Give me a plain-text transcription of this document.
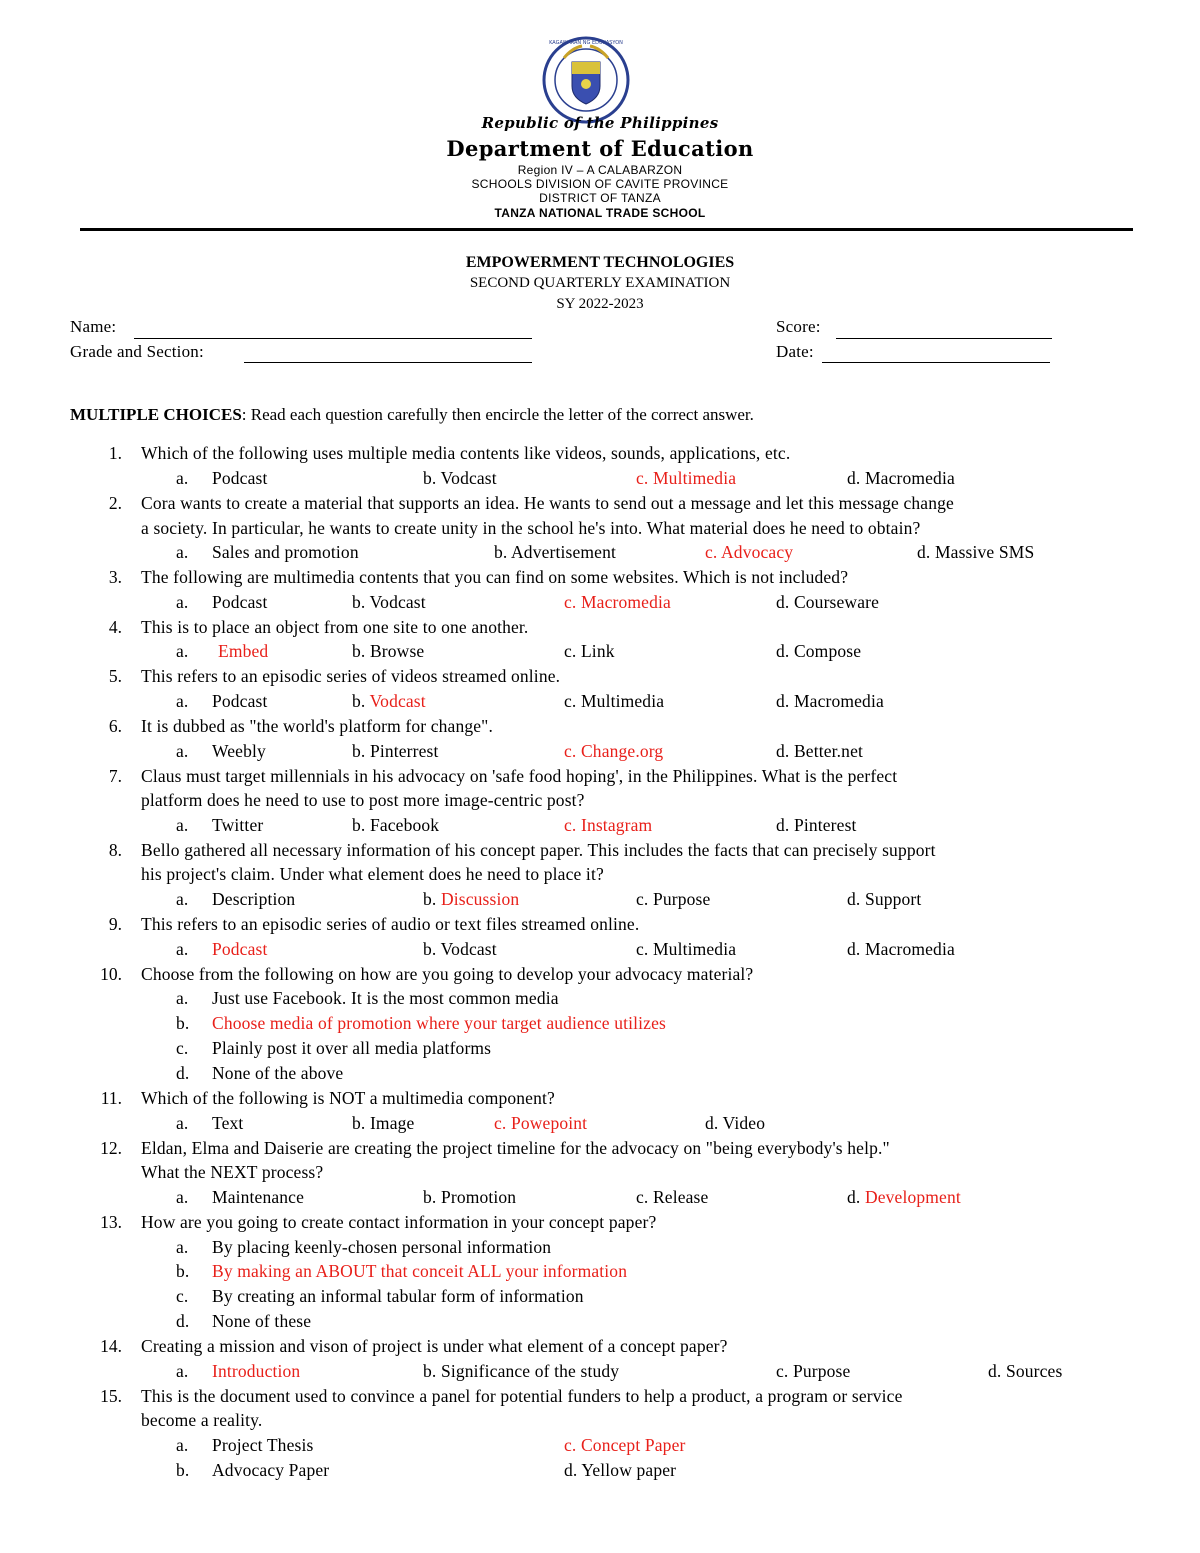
KAGAWARAN NG EDUKASYON
Republic of the Philippines
Department of Education
Region IV – A CALABARZON
SCHOOLS DIVISION OF CAVITE PROVINCE
DISTRICT OF TANZA
TANZA NATIONAL TRADE SCHOOL
EMPOWERMENT TECHNOLOGIES
SECOND QUARTERLY EXAMINATION
SY 2022-2023
Name:	Score:
Grade and Section:	Date:
MULTIPLE CHOICES: Read each question carefully then encircle the letter of the correct answer.
1. Which of the following uses multiple media contents like videos, sounds, applications, etc.
a. Podcast	b. Vodcast	c. Multimedia	d. Macromedia
2. Cora wants to create a material that supports an idea. He wants to send out a message and let this message change
a society. In particular, he wants to create unity in the school he's into. What material does he need to obtain?
a. Sales and promotion	b. Advertisement	c. Advocacy	d. Massive SMS
3. The following are multimedia contents that you can find on some websites. Which is not included?
a. Podcast	b. Vodcast	c. Macromedia	d. Courseware
4. This is to place an object from one site to one another.
a. Embed	b. Browse	c. Link	d. Compose
5. This refers to an episodic series of videos streamed online.
a. Podcast	b. Vodcast	c. Multimedia	d. Macromedia
6. It is dubbed as "the world's platform for change".
a. Weebly	b. Pinterrest	c. Change.org	d. Better.net
7. Claus must target millennials in his advocacy on 'safe food hoping', in the Philippines. What is the perfect
platform does he need to use to post more image-centric post?
a. Twitter	b. Facebook	c. Instagram	d. Pinterest
8. Bello gathered all necessary information of his concept paper. This includes the facts that can precisely support
his project's claim. Under what element does he need to place it?
a. Description	b. Discussion	c. Purpose	d. Support
9. This refers to an episodic series of audio or text files streamed online.
a. Podcast	b. Vodcast	c. Multimedia	d. Macromedia
10. Choose from the following on how are you going to develop your advocacy material?
a. Just use Facebook. It is the most common media
b. Choose media of promotion where your target audience utilizes
c. Plainly post it over all media platforms
d. None of the above
11. Which of the following is NOT a multimedia component?
a. Text	b. Image	c. Powepoint	d. Video
12. Eldan, Elma and Daiserie are creating the project timeline for the advocacy on "being everybody's help."
What the NEXT process?
a. Maintenance	b. Promotion	c. Release	d. Development
13. How are you going to create contact information in your concept paper?
a. By placing keenly-chosen personal information
b. By making an ABOUT that conceit ALL your information
c. By creating an informal tabular form of information
d. None of these
14. Creating a mission and vison of project is under what element of a concept paper?
a. Introduction	b. Significance of the study	c. Purpose	d. Sources
15. This is the document used to convince a panel for potential funders to help a product, a program or service
become a reality.
a. Project Thesis	c. Concept Paper
b. Advocacy Paper	d. Yellow paper
